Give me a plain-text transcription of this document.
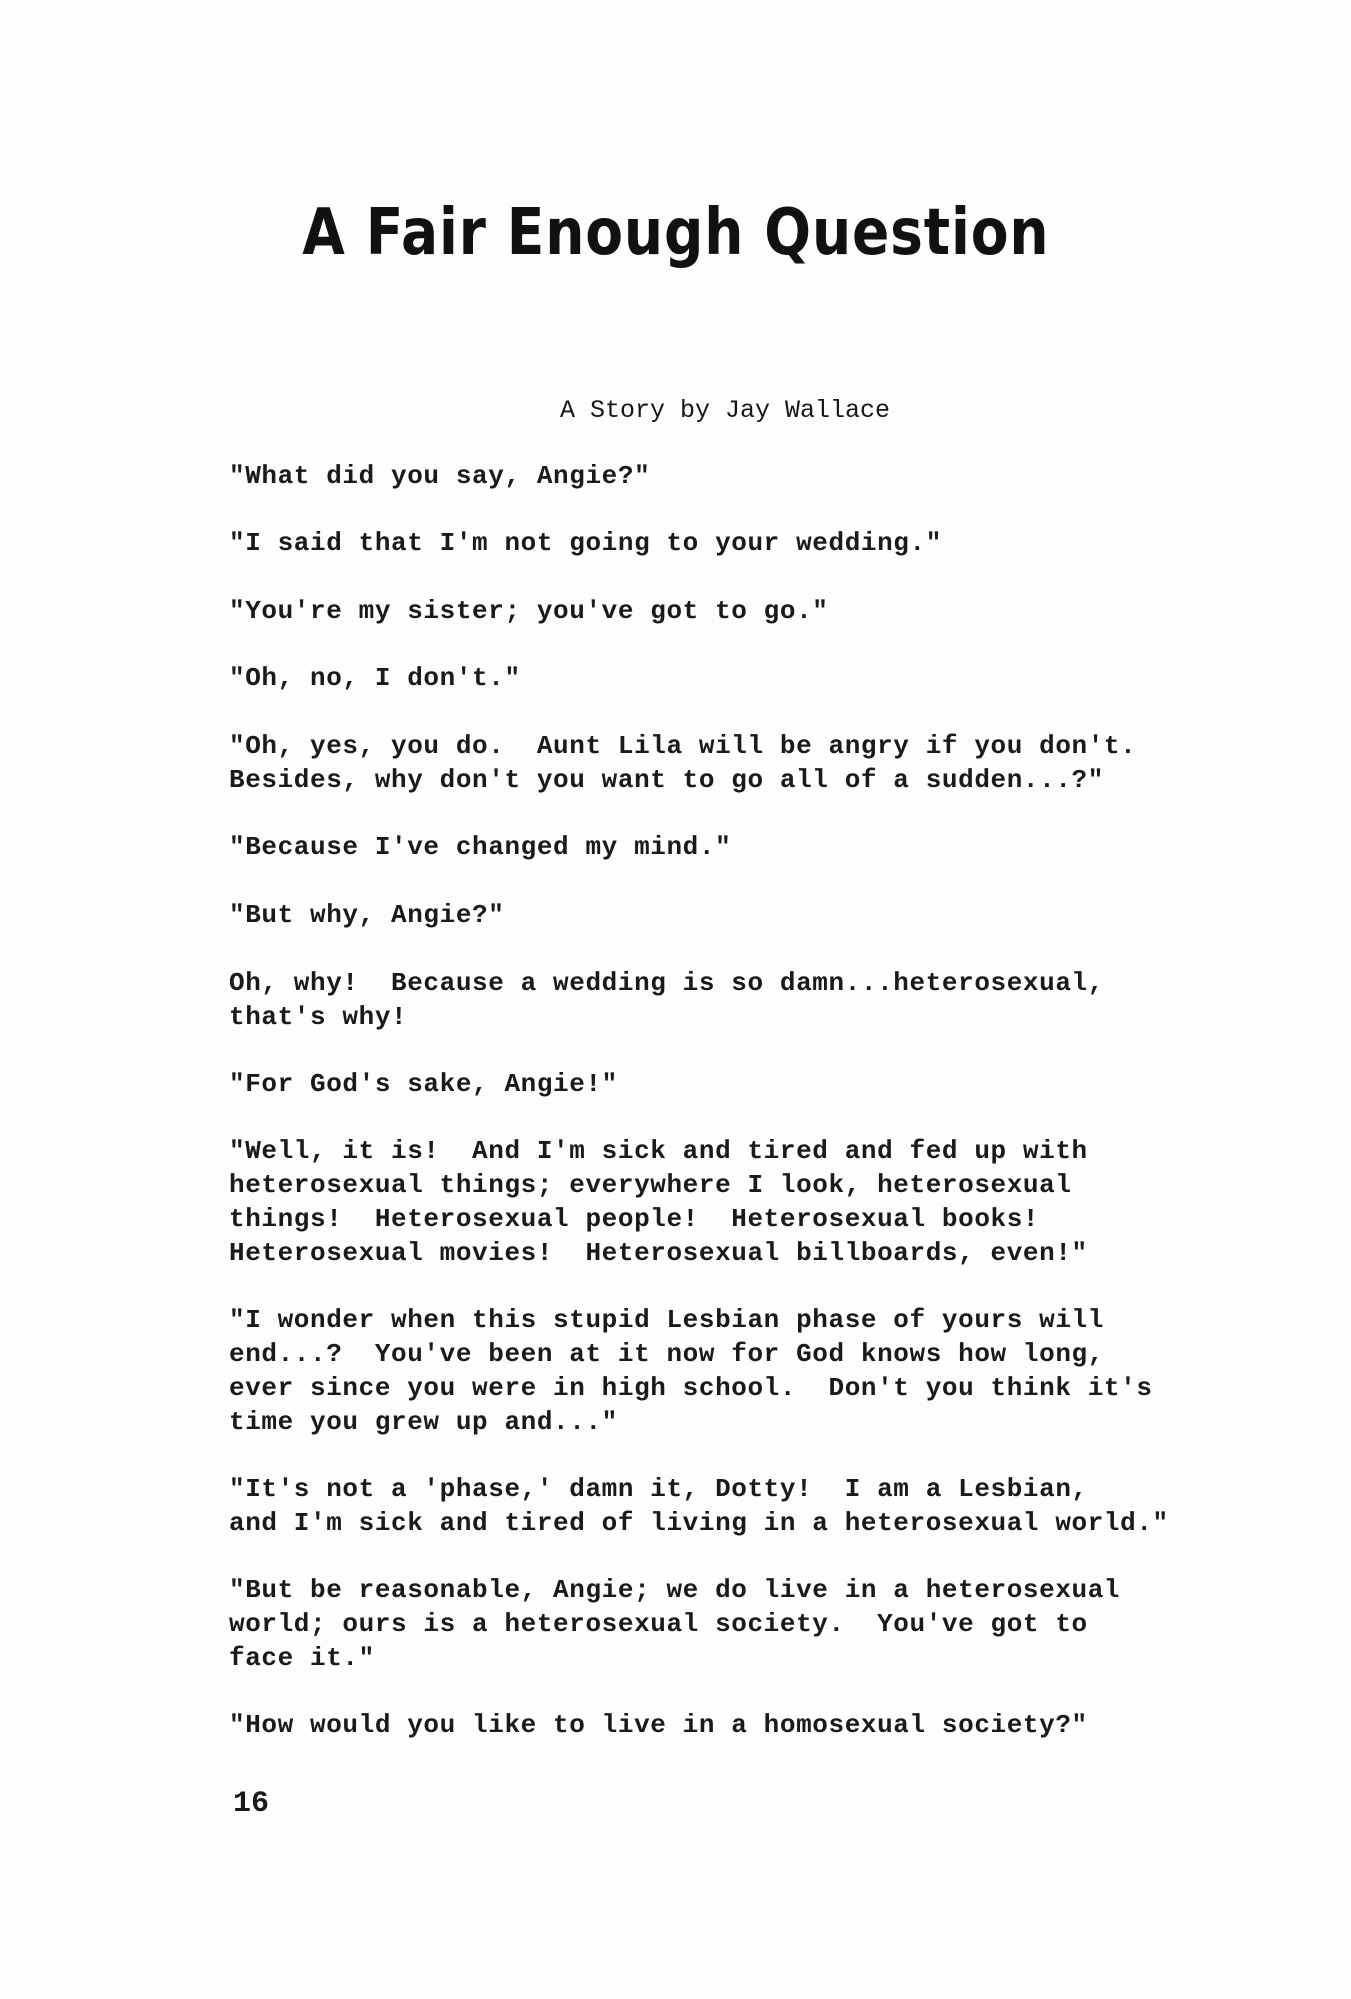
A Fair Enough Question

A Story by Jay Wallace

"What did you say, Angie?"

"I said that I'm not going to your wedding."

"You're my sister; you've got to go."

"Oh, no, I don't."

"Oh, yes, you do.  Aunt Lila will be angry if you don't.
Besides, why don't you want to go all of a sudden...?"

"Because I've changed my mind."

"But why, Angie?"

Oh, why!  Because a wedding is so damn...heterosexual,
that's why!

"For God's sake, Angie!"

"Well, it is!  And I'm sick and tired and fed up with
heterosexual things; everywhere I look, heterosexual
things!  Heterosexual people!  Heterosexual books!
Heterosexual movies!  Heterosexual billboards, even!"

"I wonder when this stupid Lesbian phase of yours will
end...?  You've been at it now for God knows how long,
ever since you were in high school.  Don't you think it's
time you grew up and..."

"It's not a 'phase,' damn it, Dotty!  I am a Lesbian,
and I'm sick and tired of living in a heterosexual world."

"But be reasonable, Angie; we do live in a heterosexual
world; ours is a heterosexual society.  You've got to
face it."

"How would you like to live in a homosexual society?"

16
